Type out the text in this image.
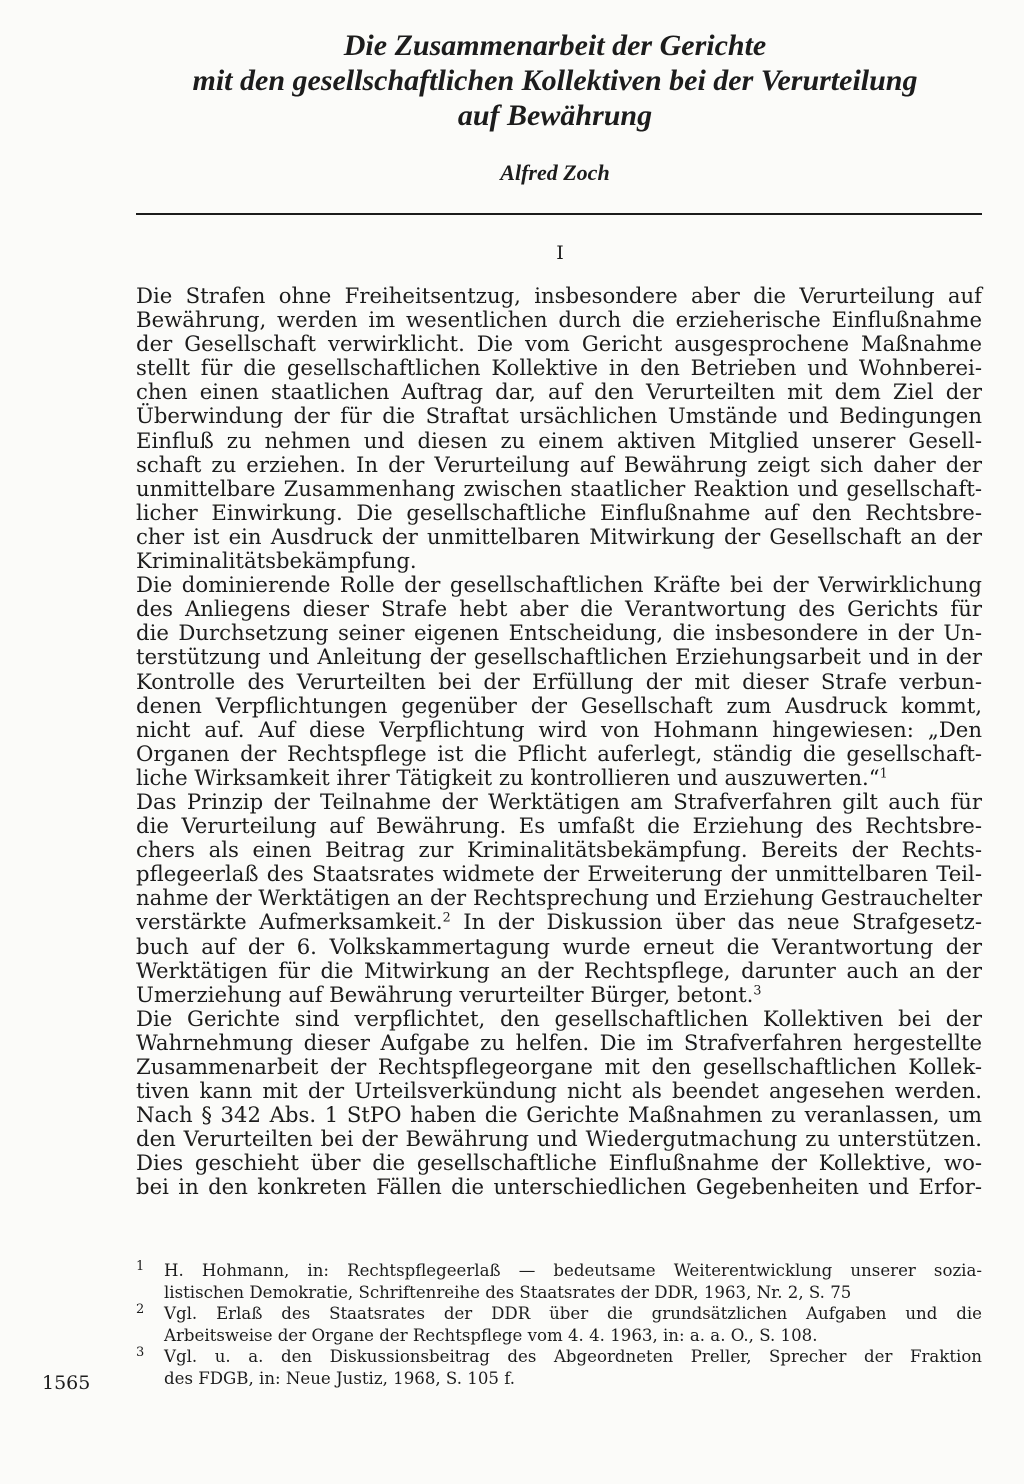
Die Zusammenarbeit der Gerichte
mit den gesellschaftlichen Kollektiven bei der Verurteilung
auf Bewährung

Alfred Zoch

I

Die Strafen ohne Freiheitsentzug, insbesondere aber die Verurteilung auf
Bewährung, werden im wesentlichen durch die erzieherische Einflußnahme
der Gesellschaft verwirklicht. Die vom Gericht ausgesprochene Maßnahme
stellt für die gesellschaftlichen Kollektive in den Betrieben und Wohnberei-
chen einen staatlichen Auftrag dar, auf den Verurteilten mit dem Ziel der
Überwindung der für die Straftat ursächlichen Umstände und Bedingungen
Einfluß zu nehmen und diesen zu einem aktiven Mitglied unserer Gesell-
schaft zu erziehen. In der Verurteilung auf Bewährung zeigt sich daher der
unmittelbare Zusammenhang zwischen staatlicher Reaktion und gesellschaft-
licher Einwirkung. Die gesellschaftliche Einflußnahme auf den Rechtsbre-
cher ist ein Ausdruck der unmittelbaren Mitwirkung der Gesellschaft an der
Kriminalitätsbekämpfung.

Die dominierende Rolle der gesellschaftlichen Kräfte bei der Verwirklichung
des Anliegens dieser Strafe hebt aber die Verantwortung des Gerichts für
die Durchsetzung seiner eigenen Entscheidung, die insbesondere in der Un-
terstützung und Anleitung der gesellschaftlichen Erziehungsarbeit und in der
Kontrolle des Verurteilten bei der Erfüllung der mit dieser Strafe verbun-
denen Verpflichtungen gegenüber der Gesellschaft zum Ausdruck kommt,
nicht auf. Auf diese Verpflichtung wird von Hohmann hingewiesen: „Den
Organen der Rechtspflege ist die Pflicht auferlegt, ständig die gesellschaft-
liche Wirksamkeit ihrer Tätigkeit zu kontrollieren und auszuwerten.“$^1$

Das Prinzip der Teilnahme der Werktätigen am Strafverfahren gilt auch für
die Verurteilung auf Bewährung. Es umfaßt die Erziehung des Rechtsbre-
chers als einen Beitrag zur Kriminalitätsbekämpfung. Bereits der Rechts-
pflegeerlaß des Staatsrates widmete der Erweiterung der unmittelbaren Teil-
nahme der Werktätigen an der Rechtsprechung und Erziehung Gestrauchelter
verstärkte Aufmerksamkeit.$^2$ In der Diskussion über das neue Strafgesetz-
buch auf der 6. Volkskammertagung wurde erneut die Verantwortung der
Werktätigen für die Mitwirkung an der Rechtspflege, darunter auch an der
Umerziehung auf Bewährung verurteilter Bürger, betont.$^3$

Die Gerichte sind verpflichtet, den gesellschaftlichen Kollektiven bei der
Wahrnehmung dieser Aufgabe zu helfen. Die im Strafverfahren hergestellte
Zusammenarbeit der Rechtspflegeorgane mit den gesellschaftlichen Kollek-
tiven kann mit der Urteilsverkündung nicht als beendet angesehen werden.
Nach § 342 Abs. 1 StPO haben die Gerichte Maßnahmen zu veranlassen, um
den Verurteilten bei der Bewährung und Wiedergutmachung zu unterstützen.
Dies geschieht über die gesellschaftliche Einflußnahme der Kollektive, wo-
bei in den konkreten Fällen die unterschiedlichen Gegebenheiten und Erfor-

1 H. Hohmann, in: Rechtspflegeerlaß — bedeutsame Weiterentwicklung unserer sozia-
listischen Demokratie, Schriftenreihe des Staatsrates der DDR, 1963, Nr. 2, S. 75
2 Vgl. Erlaß des Staatsrates der DDR über die grundsätzlichen Aufgaben und die
Arbeitsweise der Organe der Rechtspflege vom 4. 4. 1963, in: a. a. O., S. 108.
3 Vgl. u. a. den Diskussionsbeitrag des Abgeordneten Preller, Sprecher der Fraktion
des FDGB, in: Neue Justiz, 1968, S. 105 f.

1565
